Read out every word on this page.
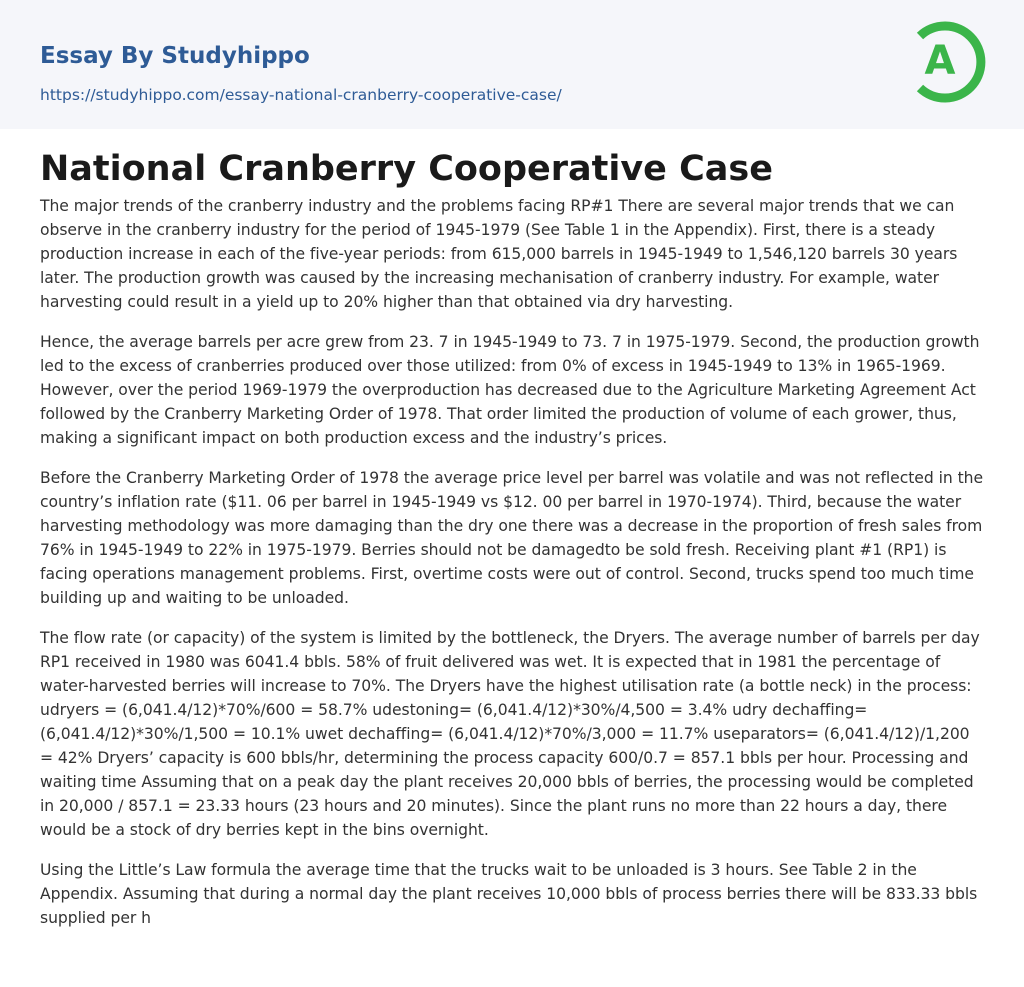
Essay By Studyhippo
https://studyhippo.com/essay-national-cranberry-cooperative-case/
A
National Cranberry Cooperative Case

The major trends of the cranberry industry and the problems facing RP#1 There are several major trends that we can observe in the cranberry industry for the period of 1945-1979 (See Table 1 in the Appendix). First, there is a steady production increase in each of the five-year periods: from 615,000 barrels in 1945-1949 to 1,546,120 barrels 30 years later. The production growth was caused by the increasing mechanisation of cranberry industry. For example, water harvesting could result in a yield up to 20% higher than that obtained via dry harvesting.

Hence, the average barrels per acre grew from 23. 7 in 1945-1949 to 73. 7 in 1975-1979. Second, the production growth led to the excess of cranberries produced over those utilized: from 0% of excess in 1945-1949 to 13% in 1965-1969. However, over the period 1969-1979 the overproduction has decreased due to the Agriculture Marketing Agreement Act followed by the Cranberry Marketing Order of 1978. That order limited the production of volume of each grower, thus, making a significant impact on both production excess and the industry’s prices.

Before the Cranberry Marketing Order of 1978 the average price level per barrel was volatile and was not reflected in the country’s inflation rate ($11. 06 per barrel in 1945-1949 vs $12. 00 per barrel in 1970-1974). Third, because the water harvesting methodology was more damaging than the dry one there was a decrease in the proportion of fresh sales from 76% in 1945-1949 to 22% in 1975-1979. Berries should not be damagedto be sold fresh. Receiving plant #1 (RP1) is facing operations management problems. First, overtime costs were out of control. Second, trucks spend too much time building up and waiting to be unloaded.

The flow rate (or capacity) of the system is limited by the bottleneck, the Dryers. The average number of barrels per day RP1 received in 1980 was 6041.4 bbls. 58% of fruit delivered was wet. It is expected that in 1981 the percentage of water-harvested berries will increase to 70%. The Dryers have the highest utilisation rate (a bottle neck) in the process: udryers = (6,041.4/12)*70%/600 = 58.7% udestoning= (6,041.4/12)*30%/4,500 = 3.4% udry dechaffing= (6,041.4/12)*30%/1,500 = 10.1% uwet dechaffing= (6,041.4/12)*70%/3,000 = 11.7% useparators= (6,041.4/12)/1,200 = 42% Dryers’ capacity is 600 bbls/hr, determining the process capacity 600/0.7 = 857.1 bbls per hour. Processing and waiting time Assuming that on a peak day the plant receives 20,000 bbls of berries, the processing would be completed in 20,000 / 857.1 = 23.33 hours (23 hours and 20 minutes). Since the plant runs no more than 22 hours a day, there would be a stock of dry berries kept in the bins overnight.

Using the Little’s Law formula the average time that the trucks wait to be unloaded is 3 hours. See Table 2 in the Appendix. Assuming that during a normal day the plant receives 10,000 bbls of process berries there will be 833.33 bbls supplied per h
